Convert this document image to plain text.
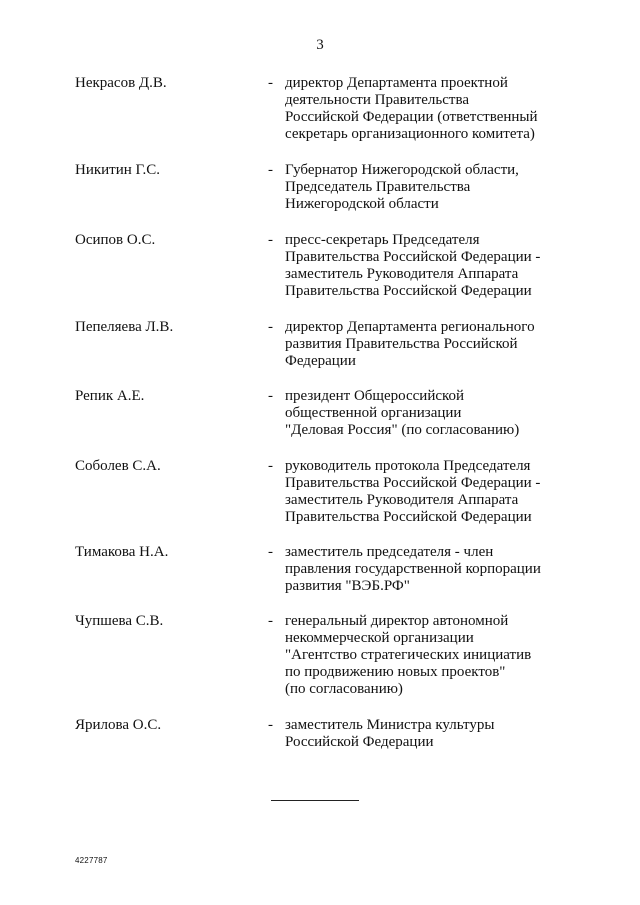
3
Некрасов Д.В.	- директор Департамента проектной
деятельности Правительства
Российской Федерации (ответственный
секретарь организационного комитета)
Никитин Г.С.	- Губернатор Нижегородской области,
Председатель Правительства
Нижегородской области
Осипов О.С.	- пресс-секретарь Председателя
Правительства Российской Федерации -
заместитель Руководителя Аппарата
Правительства Российской Федерации
Пепеляева Л.В.	- директор Департамента регионального
развития Правительства Российской
Федерации
Репик А.Е.	- президент Общероссийской
общественной организации
"Деловая Россия" (по согласованию)
Соболев С.А.	- руководитель протокола Председателя
Правительства Российской Федерации -
заместитель Руководителя Аппарата
Правительства Российской Федерации
Тимакова Н.А.	- заместитель председателя - член
правления государственной корпорации
развития "ВЭБ.РФ"
Чупшева С.В.	- генеральный директор автономной
некоммерческой организации
"Агентство стратегических инициатив
по продвижению новых проектов"
(по согласованию)
Ярилова О.С.	- заместитель Министра культуры
Российской Федерации
4227787
